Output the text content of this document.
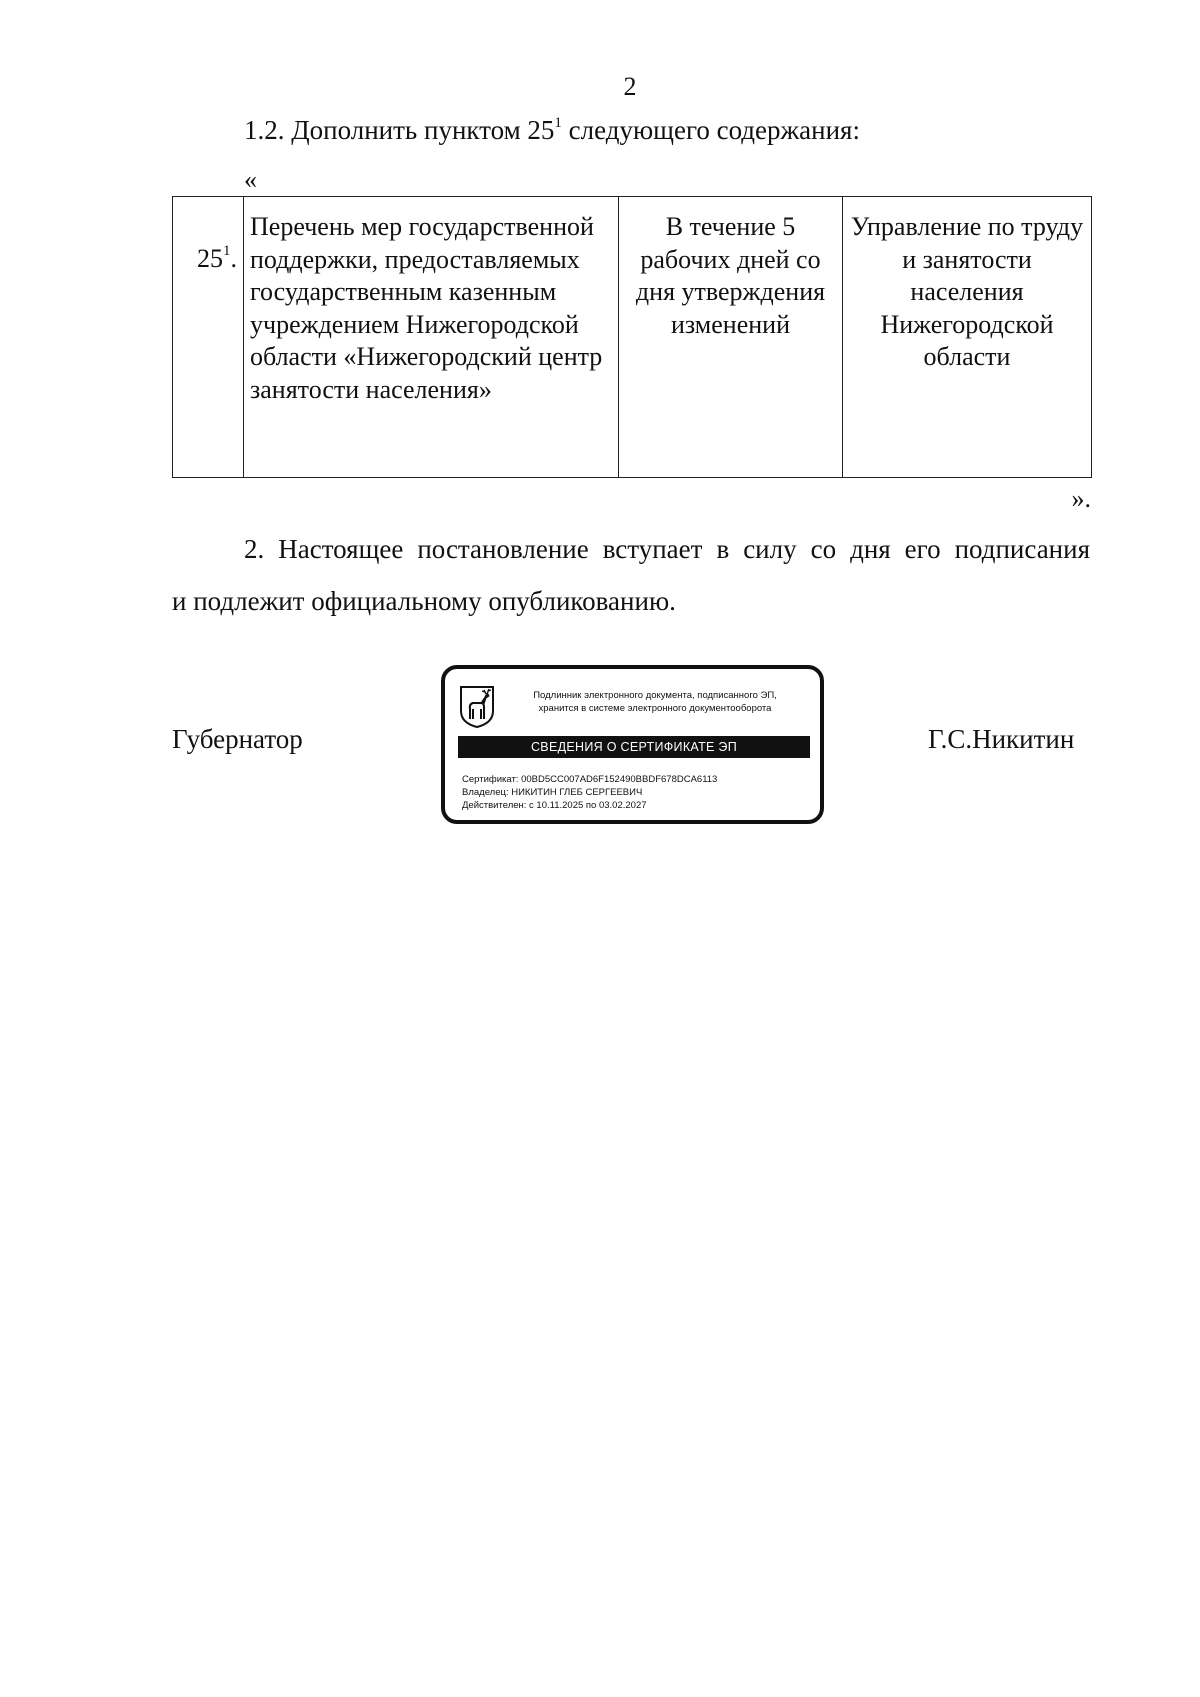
2
1.2. Дополнить пунктом $25^1$ следующего содержания:
«
$25^1$.	Перечень мер государственной поддержки, предоставляемых государственным казенным учреждением Нижегородской области «Нижегородский центр занятости населения»	В течение 5 рабочих дней со дня утверждения изменений	Управление по труду и занятости населения Нижегородской области
».
2. Настоящее постановление вступает в силу со дня его подписания
и подлежит официальному опубликованию.
Губернатор
Подлинник электронного документа, подписанного ЭП,
хранится в системе электронного документооборота
СВЕДЕНИЯ О СЕРТИФИКАТЕ ЭП
Сертификат: 00BD5CC007AD6F152490BBDF678DCA6113
Владелец: НИКИТИН ГЛЕБ СЕРГЕЕВИЧ
Действителен: с 10.11.2025 по 03.02.2027
Г.С.Никитин
